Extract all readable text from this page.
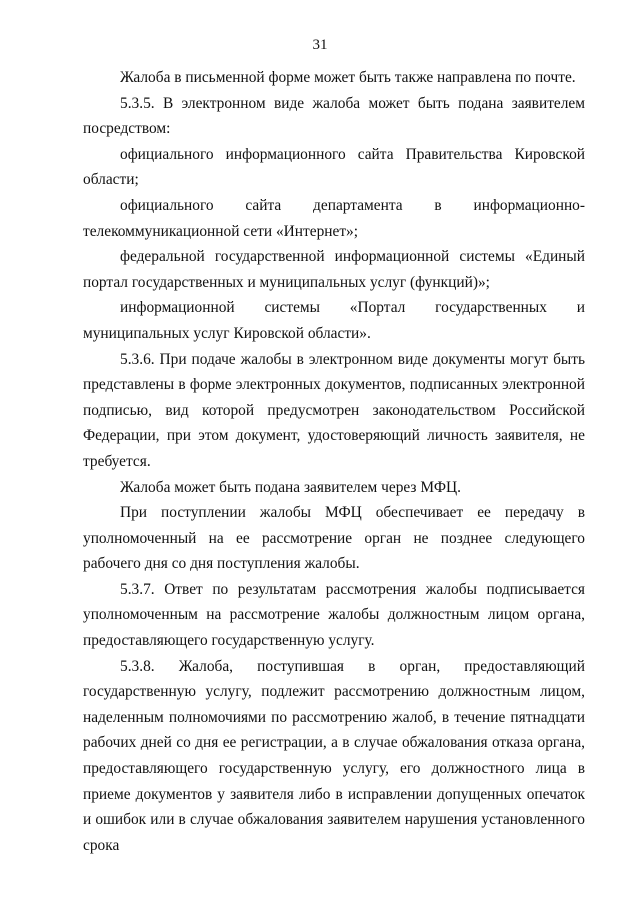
31

Жалоба в письменной форме может быть также направлена по почте.

5.3.5. В электронном виде жалоба может быть подана заявителем посредством:

официального информационного сайта Правительства Кировской области;

официального сайта департамента в информационно-телекоммуникационной сети «Интернет»;

федеральной государственной информационной системы «Единый портал государственных и муниципальных услуг (функций)»;

информационной системы «Портал государственных и муниципальных услуг Кировской области».

5.3.6. При подаче жалобы в электронном виде документы могут быть представлены в форме электронных документов, подписанных электронной подписью, вид которой предусмотрен законодательством Российской Федерации, при этом документ, удостоверяющий личность заявителя, не требуется.

Жалоба может быть подана заявителем через МФЦ.

При поступлении жалобы МФЦ обеспечивает ее передачу в уполномоченный на ее рассмотрение орган не позднее следующего рабочего дня со дня поступления жалобы.

5.3.7. Ответ по результатам рассмотрения жалобы подписывается уполномоченным на рассмотрение жалобы должностным лицом органа, предоставляющего государственную услугу.

5.3.8. Жалоба, поступившая в орган, предоставляющий государственную услугу, подлежит рассмотрению должностным лицом, наделенным полномочиями по рассмотрению жалоб, в течение пятнадцати рабочих дней со дня ее регистрации, а в случае обжалования отказа органа, предоставляющего государственную услугу, его должностного лица в приеме документов у заявителя либо в исправлении допущенных опечаток и ошибок или в случае обжалования заявителем нарушения установленного срока
